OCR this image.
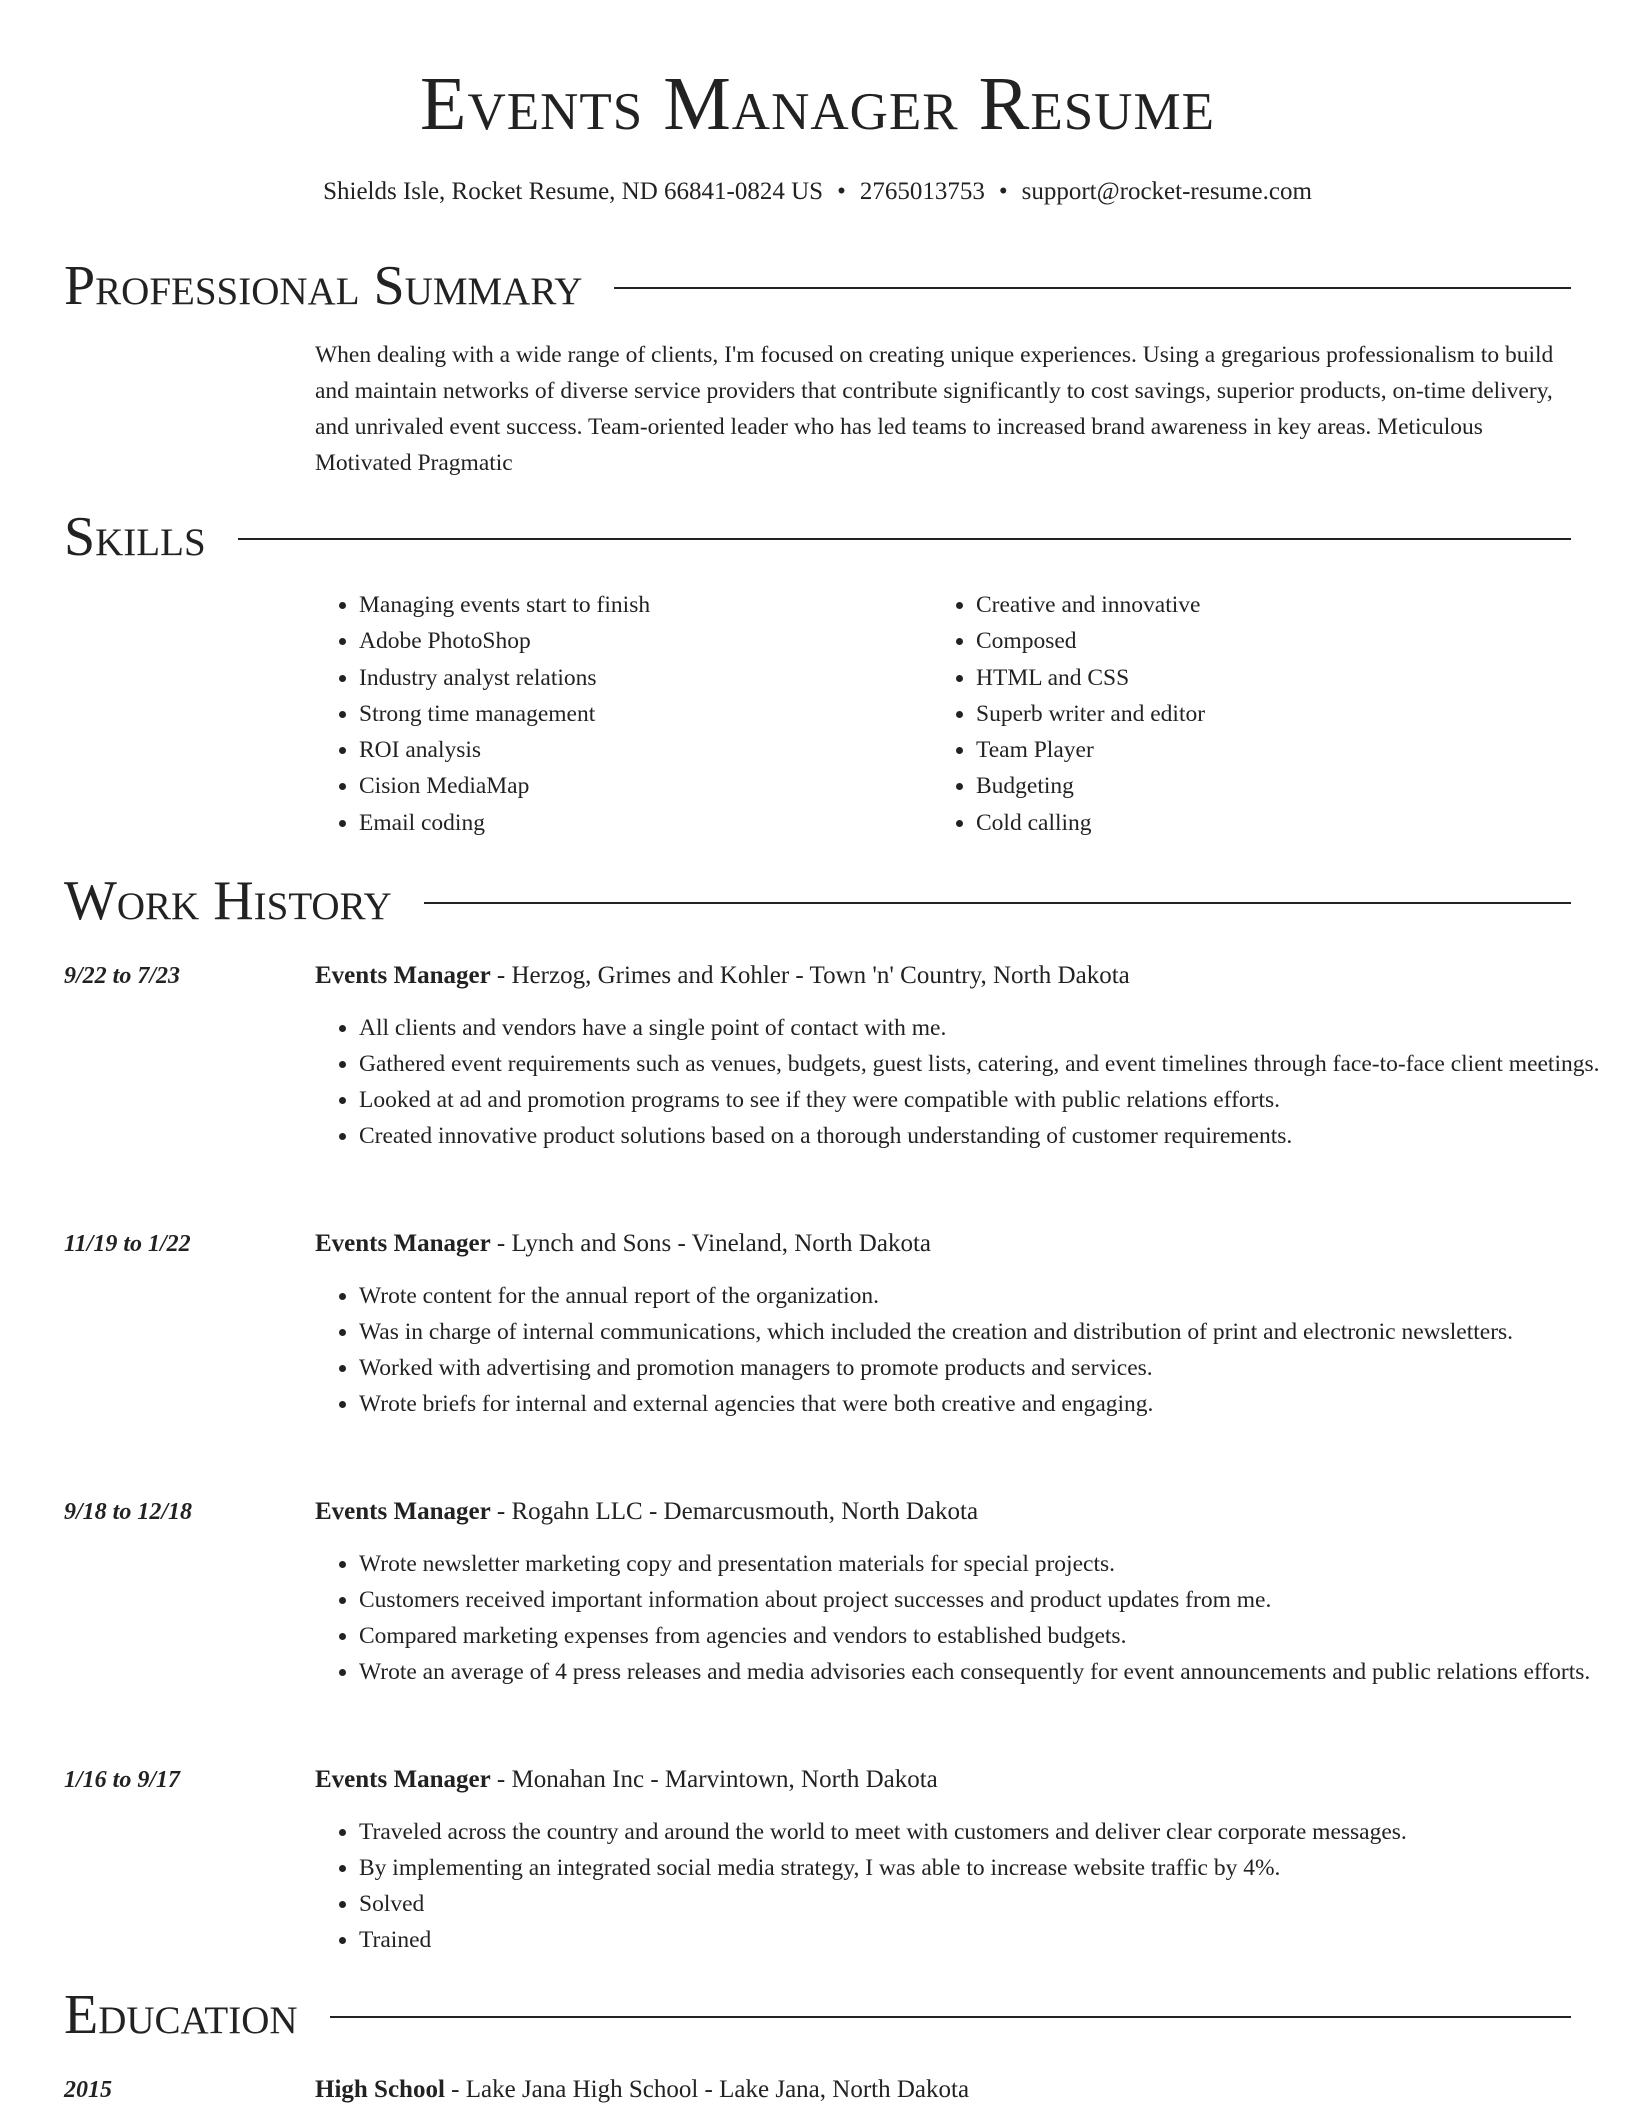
Events Manager Resume
Shields Isle, Rocket Resume, ND 66841-0824 US • 2765013753 • support@rocket-resume.com
Professional Summary
When dealing with a wide range of clients, I'm focused on creating unique experiences. Using a gregarious professionalism to build and maintain networks of diverse service providers that contribute significantly to cost savings, superior products, on-time delivery, and unrivaled event success. Team-oriented leader who has led teams to increased brand awareness in key areas. Meticulous Motivated Pragmatic
Skills
• Managing events start to finish
• Adobe PhotoShop
• Industry analyst relations
• Strong time management
• ROI analysis
• Cision MediaMap
• Email coding
• Creative and innovative
• Composed
• HTML and CSS
• Superb writer and editor
• Team Player
• Budgeting
• Cold calling
Work History
9/22 to 7/23	Events Manager - Herzog, Grimes and Kohler - Town 'n' Country, North Dakota
• All clients and vendors have a single point of contact with me.
• Gathered event requirements such as venues, budgets, guest lists, catering, and event timelines through face-to-face client meetings.
• Looked at ad and promotion programs to see if they were compatible with public relations efforts.
• Created innovative product solutions based on a thorough understanding of customer requirements.
11/19 to 1/22	Events Manager - Lynch and Sons - Vineland, North Dakota
• Wrote content for the annual report of the organization.
• Was in charge of internal communications, which included the creation and distribution of print and electronic newsletters.
• Worked with advertising and promotion managers to promote products and services.
• Wrote briefs for internal and external agencies that were both creative and engaging.
9/18 to 12/18	Events Manager - Rogahn LLC - Demarcusmouth, North Dakota
• Wrote newsletter marketing copy and presentation materials for special projects.
• Customers received important information about project successes and product updates from me.
• Compared marketing expenses from agencies and vendors to established budgets.
• Wrote an average of 4 press releases and media advisories each consequently for event announcements and public relations efforts.
1/16 to 9/17	Events Manager - Monahan Inc - Marvintown, North Dakota
• Traveled across the country and around the world to meet with customers and deliver clear corporate messages.
• By implementing an integrated social media strategy, I was able to increase website traffic by 4%.
• Solved
• Trained
Education
2015	High School - Lake Jana High School - Lake Jana, North Dakota
